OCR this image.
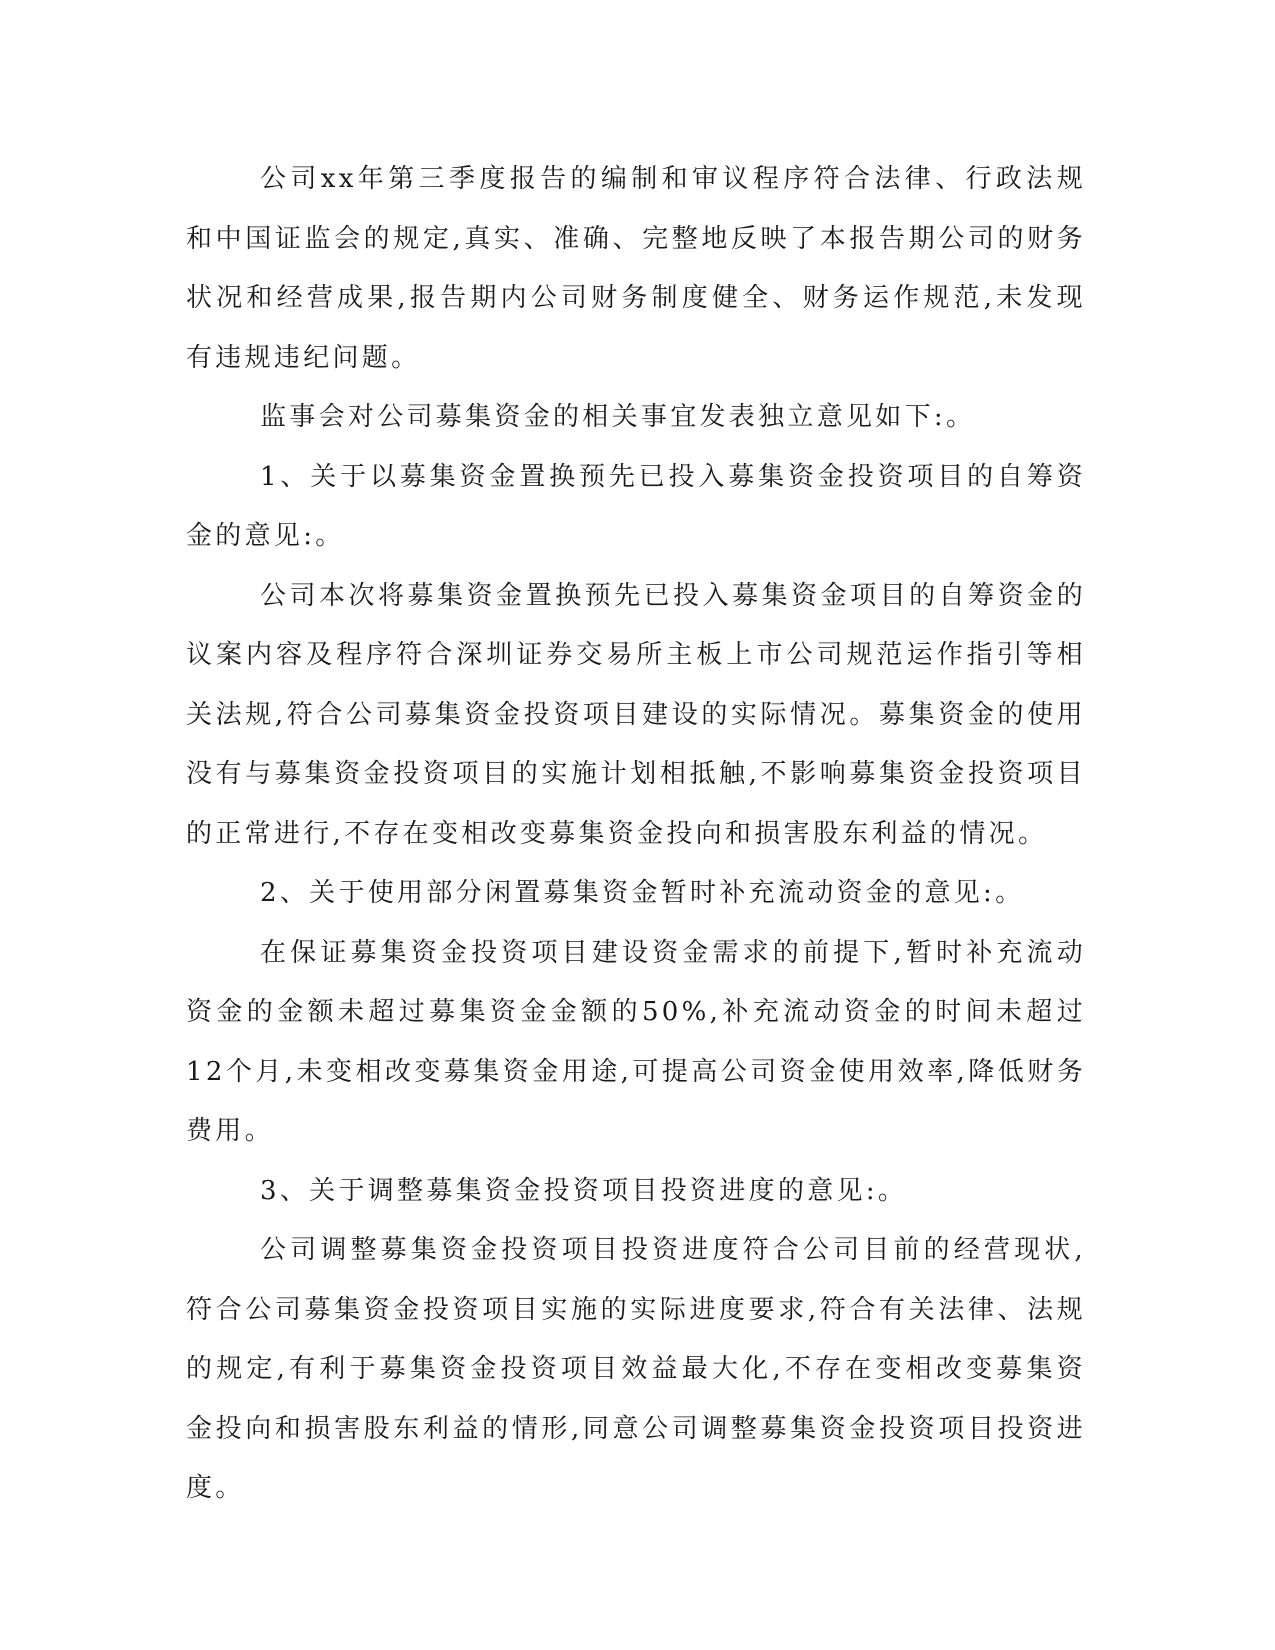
公司xx年第三季度报告的编制和审议程序符合法律、行政法规和中国证监会的规定,真实、准确、完整地反映了本报告期公司的财务状况和经营成果,报告期内公司财务制度健全、财务运作规范,未发现有违规违纪问题。

监事会对公司募集资金的相关事宜发表独立意见如下:。

1、关于以募集资金置换预先已投入募集资金投资项目的自筹资金的意见:。

公司本次将募集资金置换预先已投入募集资金项目的自筹资金的议案内容及程序符合深圳证券交易所主板上市公司规范运作指引等相关法规,符合公司募集资金投资项目建设的实际情况。募集资金的使用没有与募集资金投资项目的实施计划相抵触,不影响募集资金投资项目的正常进行,不存在变相改变募集资金投向和损害股东利益的情况。

2、关于使用部分闲置募集资金暂时补充流动资金的意见:。

在保证募集资金投资项目建设资金需求的前提下,暂时补充流动资金的金额未超过募集资金金额的50%,补充流动资金的时间未超过12个月,未变相改变募集资金用途,可提高公司资金使用效率,降低财务费用。

3、关于调整募集资金投资项目投资进度的意见:。

公司调整募集资金投资项目投资进度符合公司目前的经营现状,符合公司募集资金投资项目实施的实际进度要求,符合有关法律、法规的规定,有利于募集资金投资项目效益最大化,不存在变相改变募集资金投向和损害股东利益的情形,同意公司调整募集资金投资项目投资进度。
